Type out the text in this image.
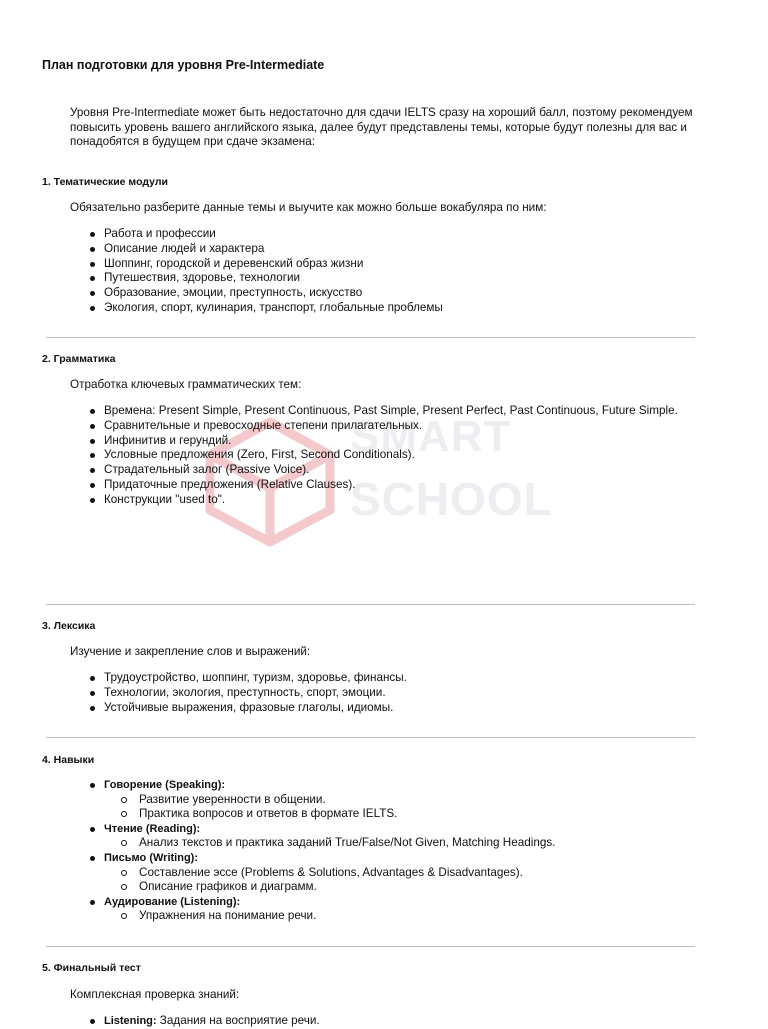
SMART
SCHOOL
План подготовки для уровня Pre-Intermediate

Уровня Pre-Intermediate может быть недостаточно для сдачи IELTS сразу на хороший балл, поэтому рекомендуем повысить уровень вашего английского языка, далее будут представлены темы, которые будут полезны для вас и понадобятся в будущем при сдаче экзамена:

1. Тематические модули

Обязательно разберите данные темы и выучите как можно больше вокабуляра по ним:

Работа и профессии
Описание людей и характера
Шоппинг, городской и деревенский образ жизни
Путешествия, здоровье, технологии
Образование, эмоции, преступность, искусство
Экология, спорт, кулинария, транспорт, глобальные проблемы
2. Грамматика

Отработка ключевых грамматических тем:

Времена: Present Simple, Present Continuous, Past Simple, Present Perfect, Past Continuous, Future Simple.
Сравнительные и превосходные степени прилагательных.
Инфинитив и герундий.
Условные предложения (Zero, First, Second Conditionals).
Страдательный залог (Passive Voice).
Придаточные предложения (Relative Clauses).
Конструкции "used to".
3. Лексика

Изучение и закрепление слов и выражений:

Трудоустройство, шоппинг, туризм, здоровье, финансы.
Технологии, экология, преступность, спорт, эмоции.
Устойчивые выражения, фразовые глаголы, идиомы.
4. Навыки
Говорение (Speaking):
Развитие уверенности в общении.
Практика вопросов и ответов в формате IELTS.
Чтение (Reading):
Анализ текстов и практика заданий True/False/Not Given, Matching Headings.
Письмо (Writing):
Составление эссе (Problems & Solutions, Advantages & Disadvantages).
Описание графиков и диаграмм.
Аудирование (Listening):
Упражнения на понимание речи.
5. Финальный тест

Комплексная проверка знаний:

Listening: Задания на восприятие речи.
